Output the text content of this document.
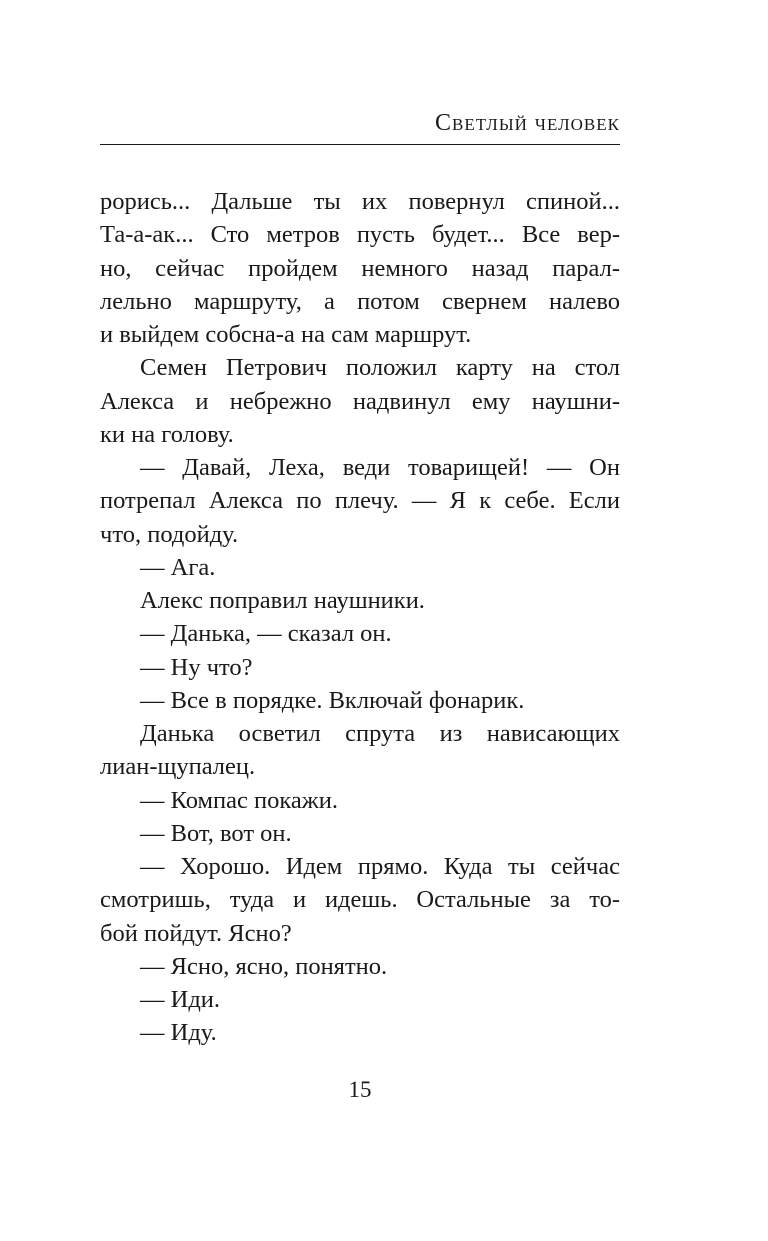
Светлый человек
рорись... Дальше ты их повернул спиной...
Та-а-ак... Сто метров пусть будет... Все вер-
но, сейчас пройдем немного назад парал-
лельно маршруту, а потом свернем налево
и выйдем собсна-а на сам маршрут.
Семен Петрович положил карту на стол
Алекса и небрежно надвинул ему наушни-
ки на голову.
— Давай, Леха, веди товарищей! — Он
потрепал Алекса по плечу. — Я к себе. Если
что, подойду.
— Ага.
Алекс поправил наушники.
— Данька, — сказал он.
— Ну что?
— Все в порядке. Включай фонарик.
Данька осветил спрута из нависающих
лиан-щупалец.
— Компас покажи.
— Вот, вот он.
— Хорошо. Идем прямо. Куда ты сейчас
смотришь, туда и идешь. Остальные за то-
бой пойдут. Ясно?
— Ясно, ясно, понятно.
— Иди.
— Иду.
15
